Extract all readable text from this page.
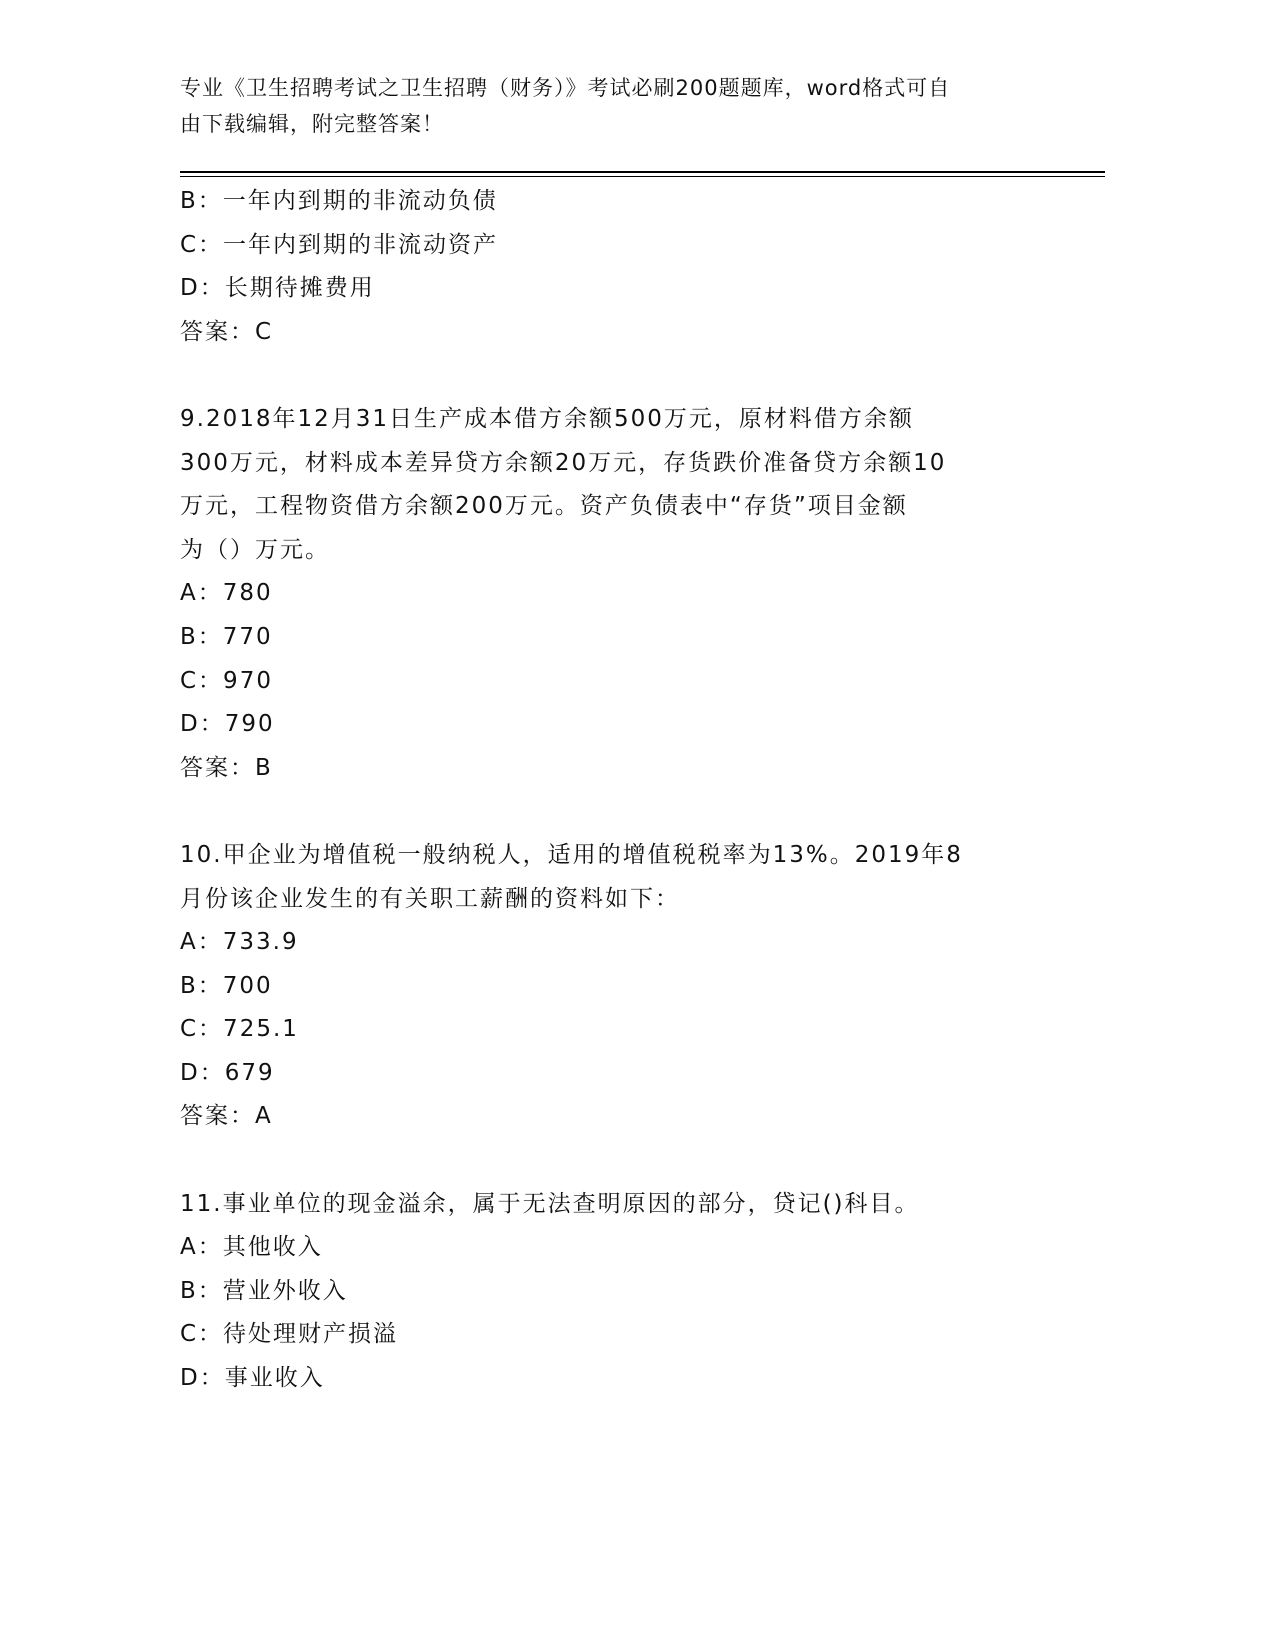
专业《卫生招聘考试之卫生招聘（财务）》考试必刷200题题库，word格式可自
由下载编辑，附完整答案！
B：一年内到期的非流动负债
C：一年内到期的非流动资产
D：长期待摊费用
答案：C
9.2018年12月31日生产成本借方余额500万元，原材料借方余额
300万元，材料成本差异贷方余额20万元，存货跌价准备贷方余额10
万元，工程物资借方余额200万元。资产负债表中“存货”项目金额
为（）万元。
A：780
B：770
C：970
D：790
答案：B
10.甲企业为增值税一般纳税人，适用的增值税税率为13%。2019年8
月份该企业发生的有关职工薪酬的资料如下：
A：733.9
B：700
C：725.1
D：679
答案：A
11.事业单位的现金溢余，属于无法查明原因的部分，贷记()科目。
A：其他收入
B：营业外收入
C：待处理财产损溢
D：事业收入
